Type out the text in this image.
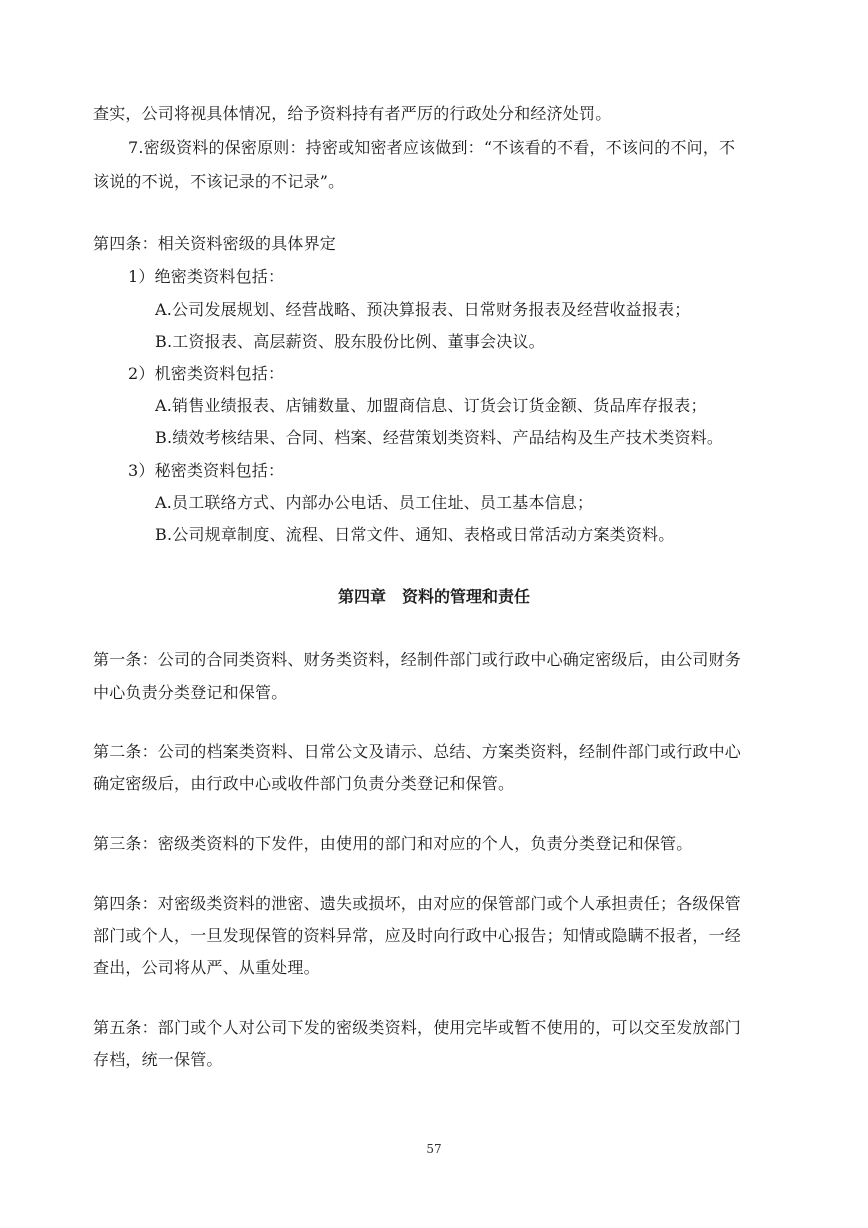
查实，公司将视具体情况，给予资料持有者严厉的行政处分和经济处罚。
7.密级资料的保密原则：持密或知密者应该做到：“不该看的不看，不该问的不问，不
该说的不说，不该记录的不记录”。
第四条：相关资料密级的具体界定
1）绝密类资料包括：
A.公司发展规划、经营战略、预决算报表、日常财务报表及经营收益报表；
B.工资报表、高层薪资、股东股份比例、董事会决议。
2）机密类资料包括：
A.销售业绩报表、店铺数量、加盟商信息、订货会订货金额、货品库存报表；
B.绩效考核结果、合同、档案、经营策划类资料、产品结构及生产技术类资料。
3）秘密类资料包括：
A.员工联络方式、内部办公电话、员工住址、员工基本信息；
B.公司规章制度、流程、日常文件、通知、表格或日常活动方案类资料。
第四章　资料的管理和责任
第一条：公司的合同类资料、财务类资料，经制件部门或行政中心确定密级后，由公司财务
中心负责分类登记和保管。
第二条：公司的档案类资料、日常公文及请示、总结、方案类资料，经制件部门或行政中心
确定密级后，由行政中心或收件部门负责分类登记和保管。
第三条：密级类资料的下发件，由使用的部门和对应的个人，负责分类登记和保管。
第四条：对密级类资料的泄密、遗失或损坏，由对应的保管部门或个人承担责任；各级保管
部门或个人，一旦发现保管的资料异常，应及时向行政中心报告；知情或隐瞒不报者，一经
查出，公司将从严、从重处理。
第五条：部门或个人对公司下发的密级类资料，使用完毕或暂不使用的，可以交至发放部门
存档，统一保管。
57
